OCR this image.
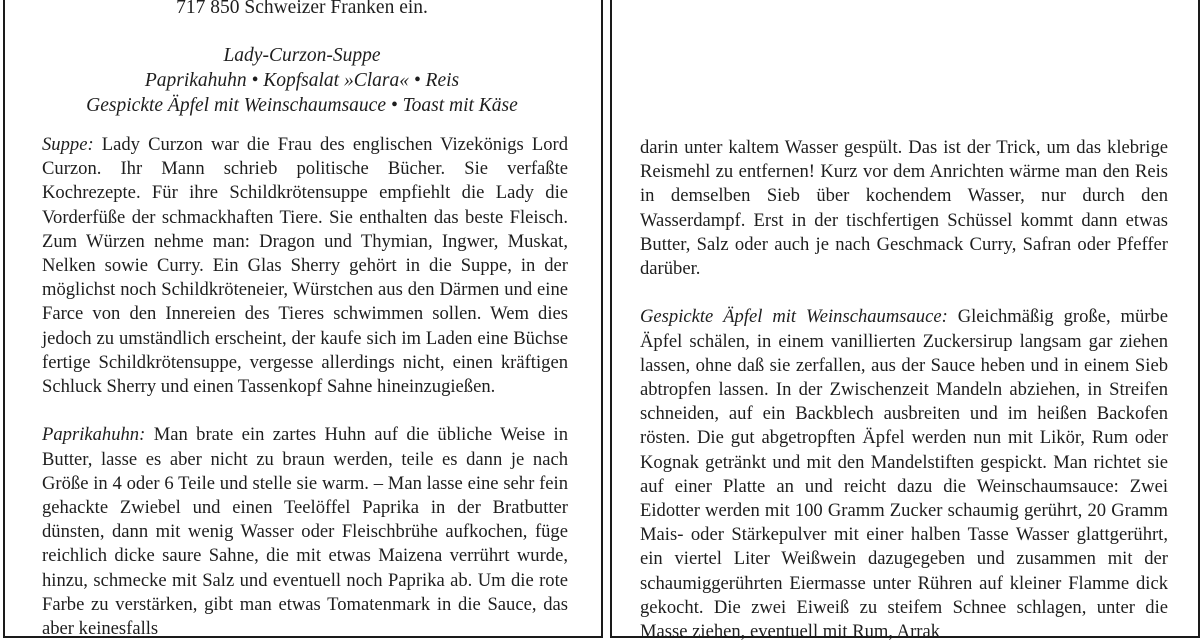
717 850 Schweizer Franken ein.
Lady-Curzon-Suppe
Paprikahuhn • Kopfsalat »Clara« • Reis
Gespickte Äpfel mit Weinschaumsauce • Toast mit Käse

Suppe: Lady Curzon war die Frau des englischen Vizekönigs Lord Curzon. Ihr Mann schrieb politische Bücher. Sie verfaßte Kochrezepte. Für ihre Schildkrötensuppe empfiehlt die Lady die Vorderfüße der schmackhaften Tiere. Sie enthalten das beste Fleisch. Zum Würzen nehme man: Dragon und Thymian, Ingwer, Muskat, Nelken sowie Curry. Ein Glas Sherry gehört in die Suppe, in der möglichst noch Schildkröteneier, Würstchen aus den Därmen und eine Farce von den Innereien des Tieres schwimmen sollen. Wem dies jedoch zu umständlich erscheint, der kaufe sich im Laden eine Büchse fertige Schildkrötensuppe, vergesse allerdings nicht, einen kräftigen Schluck Sherry und einen Tassenkopf Sahne hineinzugießen.

Paprikahuhn: Man brate ein zartes Huhn auf die übliche Weise in Butter, lasse es aber nicht zu braun werden, teile es dann je nach Größe in 4 oder 6 Teile und stelle sie warm. – Man lasse eine sehr fein gehackte Zwiebel und einen Teelöffel Paprika in der Bratbutter dünsten, dann mit wenig Wasser oder Fleischbrühe aufkochen, füge reichlich dicke saure Sahne, die mit etwas Maizena verrührt wurde, hinzu, schmecke mit Salz und eventuell noch Paprika ab. Um die rote Farbe zu verstärken, gibt man etwas Tomatenmark in die Sauce, das aber keinesfalls

darin unter kaltem Wasser gespült. Das ist der Trick, um das klebrige Reismehl zu entfernen! Kurz vor dem Anrichten wärme man den Reis in demselben Sieb über kochendem Wasser, nur durch den Wasserdampf. Erst in der tischfertigen Schüssel kommt dann etwas Butter, Salz oder auch je nach Geschmack Curry, Safran oder Pfeffer darüber.

Gespickte Äpfel mit Weinschaumsauce: Gleichmäßig große, mürbe Äpfel schälen, in einem vanillierten Zuckersirup langsam gar ziehen lassen, ohne daß sie zerfallen, aus der Sauce heben und in einem Sieb abtropfen lassen. In der Zwischenzeit Mandeln abziehen, in Streifen schneiden, auf ein Backblech ausbreiten und im heißen Backofen rösten. Die gut abgetropften Äpfel werden nun mit Likör, Rum oder Kognak getränkt und mit den Mandelstiften gespickt. Man richtet sie auf einer Platte an und reicht dazu die Weinschaumsauce: Zwei Eidotter werden mit 100 Gramm Zucker schaumig gerührt, 20 Gramm Mais- oder Stärkepulver mit einer halben Tasse Wasser glattgerührt, ein viertel Liter Weißwein dazugegeben und zusammen mit der schaumiggerührten Eiermasse unter Rühren auf kleiner Flamme dick gekocht. Die zwei Eiweiß zu steifem Schnee schlagen, unter die Masse ziehen, eventuell mit Rum, Arrak
